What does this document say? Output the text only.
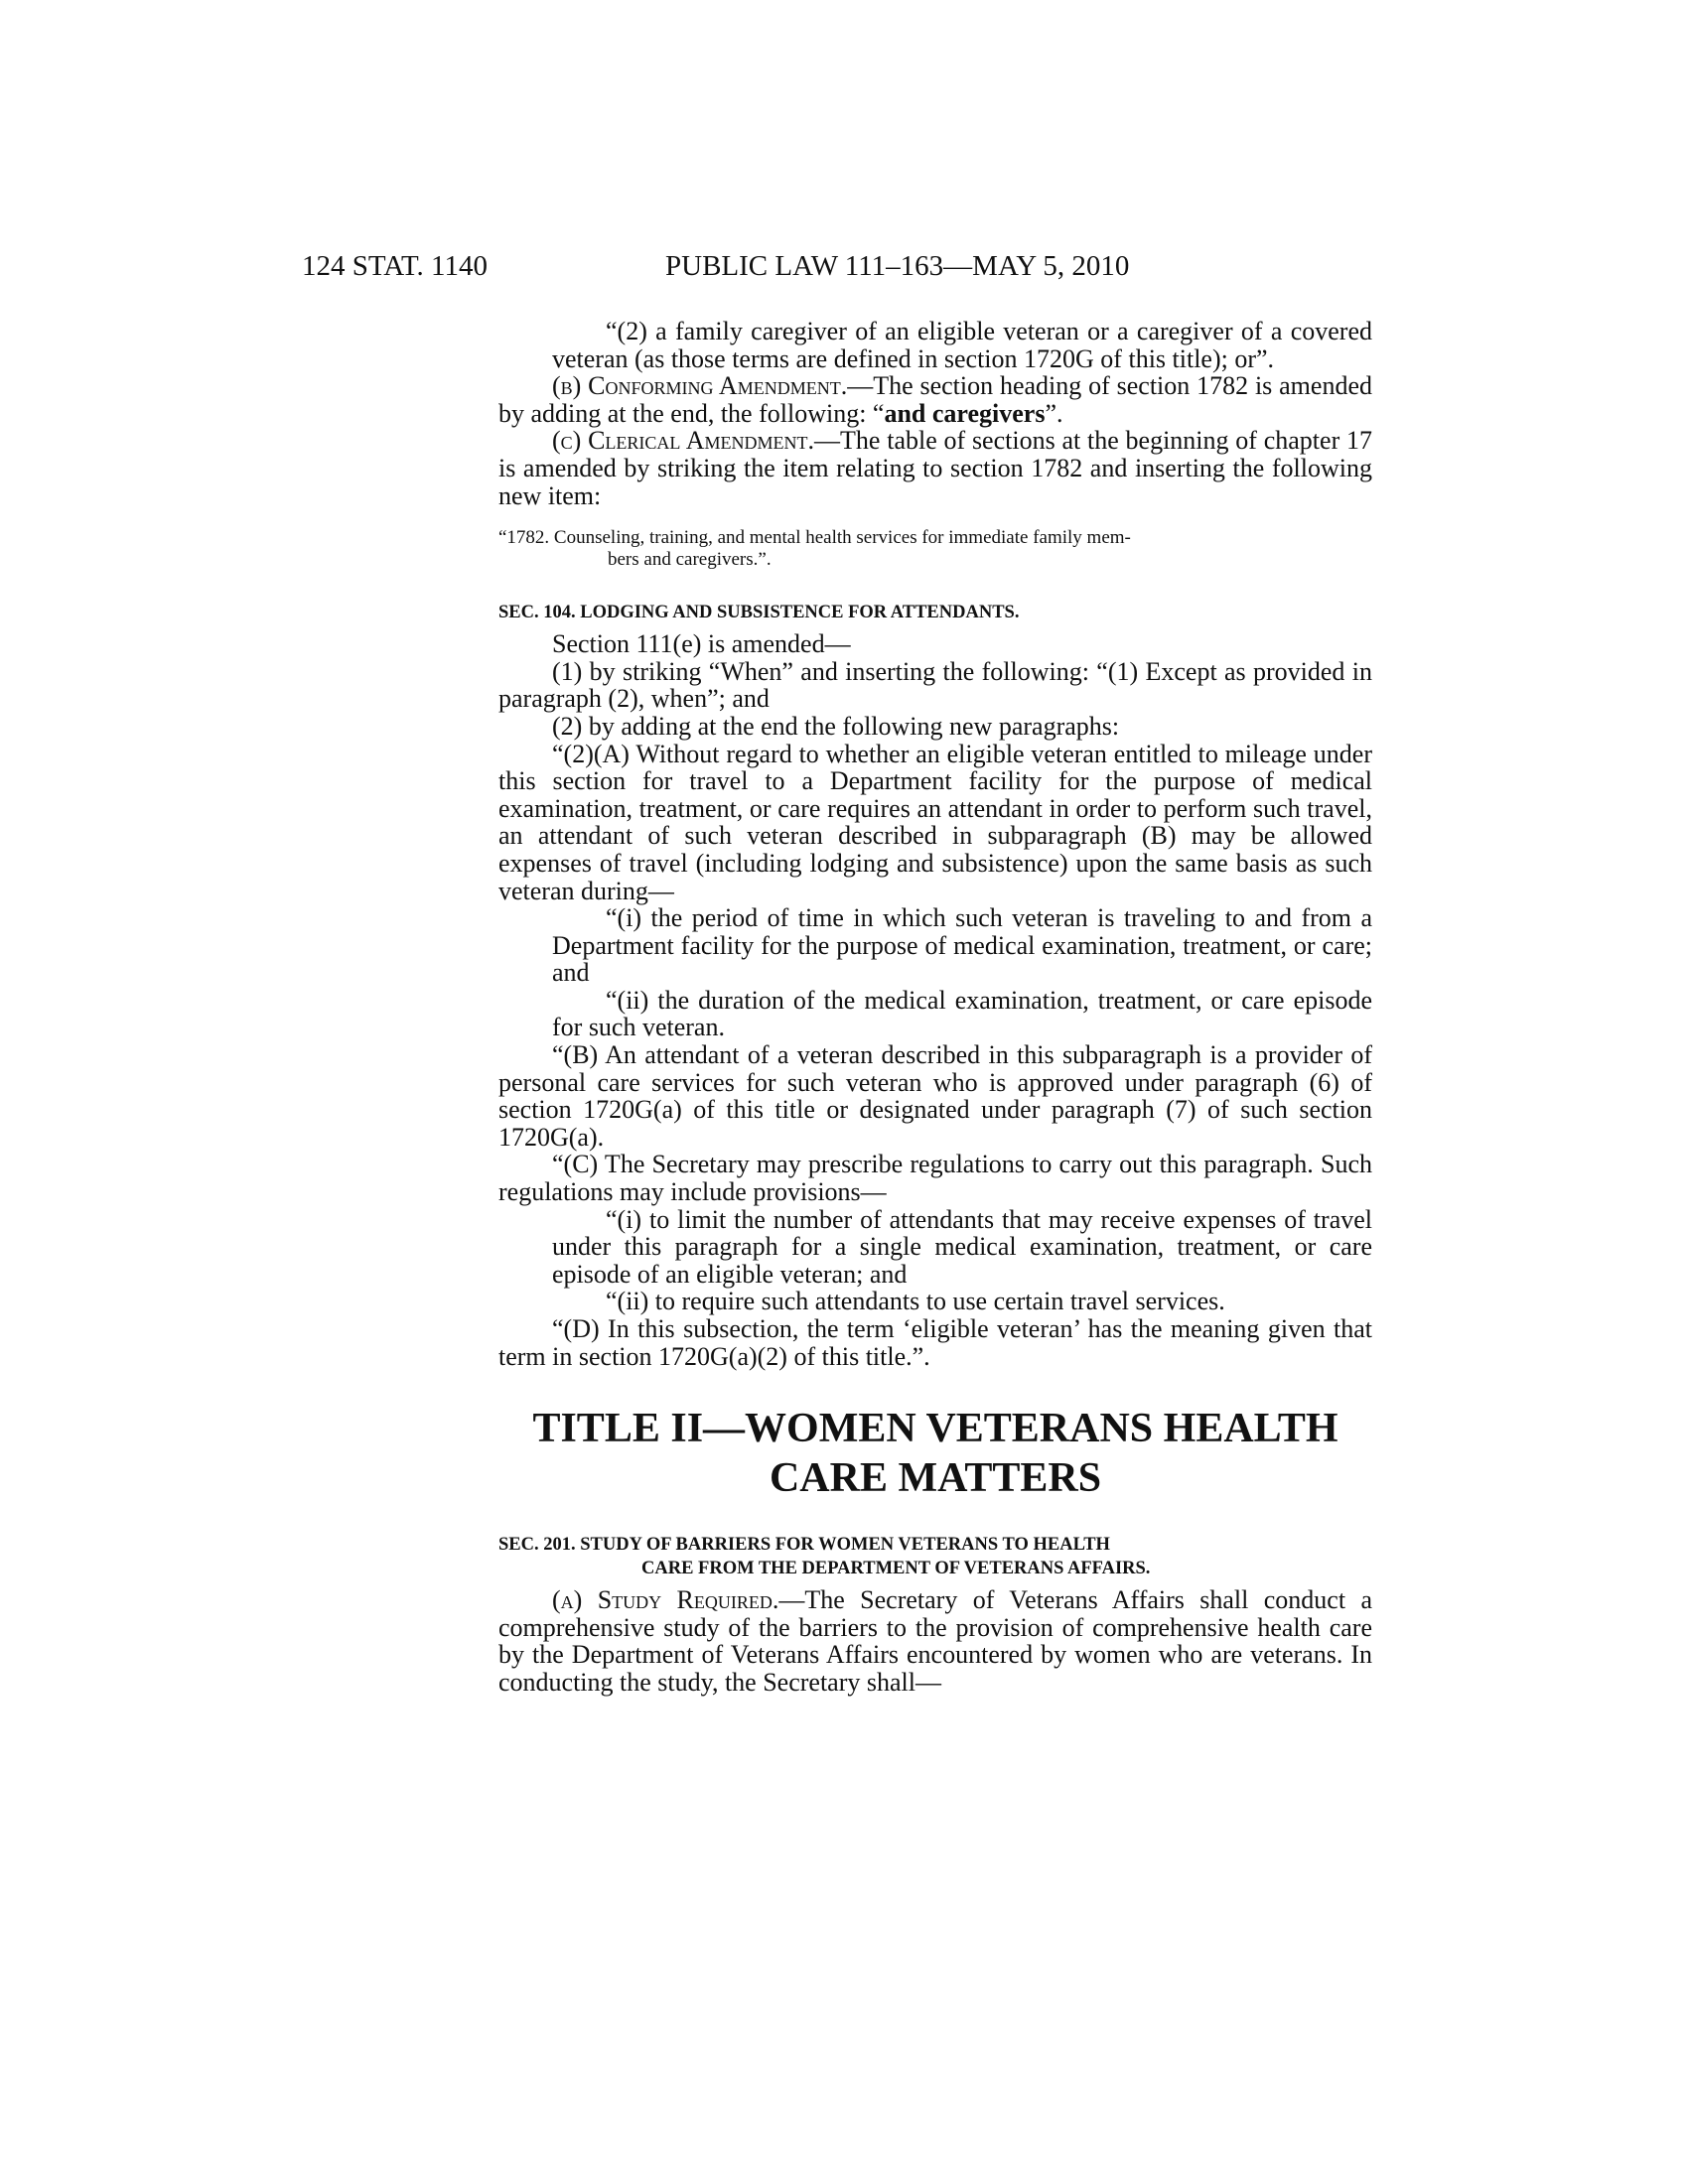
124 STAT. 1140	PUBLIC LAW 111–163—MAY 5, 2010

“(2) a family caregiver of an eligible veteran or a caregiver of a covered veteran (as those terms are defined in section 1720G of this title); or”.

(b) Conforming Amendment.—The section heading of section 1782 is amended by adding at the end, the following: “and caregivers”.

(c) Clerical Amendment.—The table of sections at the beginning of chapter 17 is amended by striking the item relating to section 1782 and inserting the following new item:

“1782. Counseling, training, and mental health services for immediate family mem-
bers and caregivers.”.

SEC. 104. LODGING AND SUBSISTENCE FOR ATTENDANTS.

Section 111(e) is amended—

(1) by striking “When” and inserting the following: “(1) Except as provided in paragraph (2), when”; and

(2) by adding at the end the following new paragraphs:

“(2)(A) Without regard to whether an eligible veteran entitled to mileage under this section for travel to a Department facility for the purpose of medical examination, treatment, or care requires an attendant in order to perform such travel, an attendant of such veteran described in subparagraph (B) may be allowed expenses of travel (including lodging and subsistence) upon the same basis as such veteran during—

“(i) the period of time in which such veteran is traveling to and from a Department facility for the purpose of medical examination, treatment, or care; and

“(ii) the duration of the medical examination, treatment, or care episode for such veteran.

“(B) An attendant of a veteran described in this subparagraph is a provider of personal care services for such veteran who is approved under paragraph (6) of section 1720G(a) of this title or designated under paragraph (7) of such section 1720G(a).

“(C) The Secretary may prescribe regulations to carry out this paragraph. Such regulations may include provisions—

“(i) to limit the number of attendants that may receive expenses of travel under this paragraph for a single medical examination, treatment, or care episode of an eligible veteran; and

“(ii) to require such attendants to use certain travel services.

“(D) In this subsection, the term ‘eligible veteran’ has the meaning given that term in section 1720G(a)(2) of this title.”.

TITLE II—WOMEN VETERANS HEALTH
CARE MATTERS

SEC. 201. STUDY OF BARRIERS FOR WOMEN VETERANS TO HEALTH
CARE FROM THE DEPARTMENT OF VETERANS AFFAIRS.

(a) Study Required.—The Secretary of Veterans Affairs shall conduct a comprehensive study of the barriers to the provision of comprehensive health care by the Department of Veterans Affairs encountered by women who are veterans. In conducting the study, the Secretary shall—
